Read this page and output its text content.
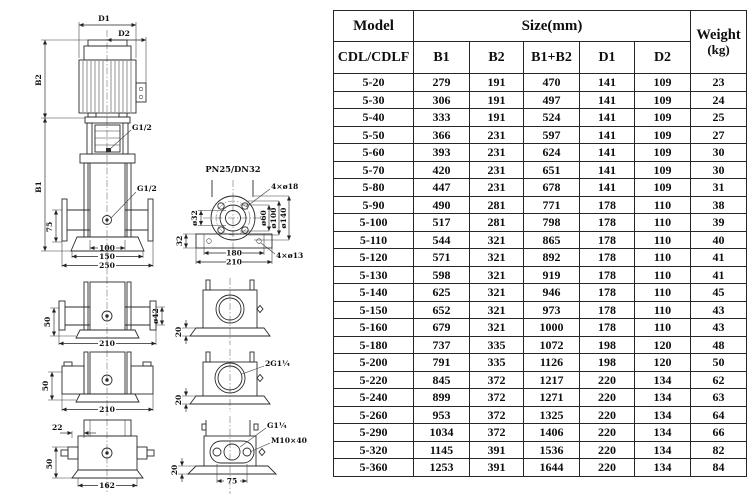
D1
D2
B2
B1
75
100
150
250
G1/2
G1/2
PN25/DN32
4×ø18
ø32
32
ø60 ø100 ø140
180
210
4×ø13
50	ø42
210
50
210
22
50
162
20
2G1¼
20
G1¼
M10×40
20
75
Model	Size(mm)					Weight
(kg)

CDL/CDLF	B1	B2	B1+B2	D1	D2	
5-20	279	191	470	141	109	23
5-30	306	191	497	141	109	24
5-40	333	191	524	141	109	25
5-50	366	231	597	141	109	27
5-60	393	231	624	141	109	30
5-70	420	231	651	141	109	30
5-80	447	231	678	141	109	31
5-90	490	281	771	178	110	38
5-100	517	281	798	178	110	39
5-110	544	321	865	178	110	40
5-120	571	321	892	178	110	41
5-130	598	321	919	178	110	41
5-140	625	321	946	178	110	45
5-150	652	321	973	178	110	43
5-160	679	321	1000	178	110	43
5-180	737	335	1072	198	120	48
5-200	791	335	1126	198	120	50
5-220	845	372	1217	220	134	62
5-240	899	372	1271	220	134	63
5-260	953	372	1325	220	134	64
5-290	1034	372	1406	220	134	66
5-320	1145	391	1536	220	134	82
5-360	1253	391	1644	220	134	84
